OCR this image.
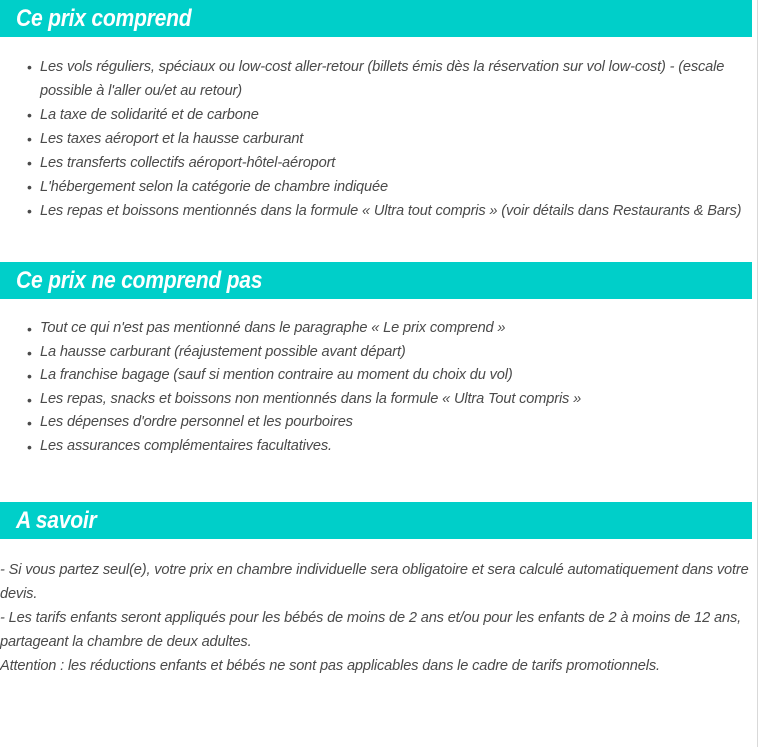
Ce prix comprend
• Les vols réguliers, spéciaux ou low-cost aller-retour (billets émis dès la réservation sur vol low-cost) - (escale possible à l'aller ou/et au retour)
• La taxe de solidarité et de carbone
• Les taxes aéroport et la hausse carburant
• Les transferts collectifs aéroport-hôtel-aéroport
• L'hébergement selon la catégorie de chambre indiquée
• Les repas et boissons mentionnés dans la formule « Ultra tout compris » (voir détails dans Restaurants & Bars)
Ce prix ne comprend pas
• Tout ce qui n'est pas mentionné dans le paragraphe « Le prix comprend »
• La hausse carburant (réajustement possible avant départ)
• La franchise bagage (sauf si mention contraire au moment du choix du vol)
• Les repas, snacks et boissons non mentionnés dans la formule « Ultra Tout compris »
• Les dépenses d'ordre personnel et les pourboires
• Les assurances complémentaires facultatives.
A savoir

- Si vous partez seul(e), votre prix en chambre individuelle sera obligatoire et sera calculé automatiquement dans votre devis.

- Les tarifs enfants seront appliqués pour les bébés de moins de 2 ans et/ou pour les enfants de 2 à moins de 12 ans, partageant la chambre de deux adultes.

Attention : les réductions enfants et bébés ne sont pas applicables dans le cadre de tarifs promotionnels.
